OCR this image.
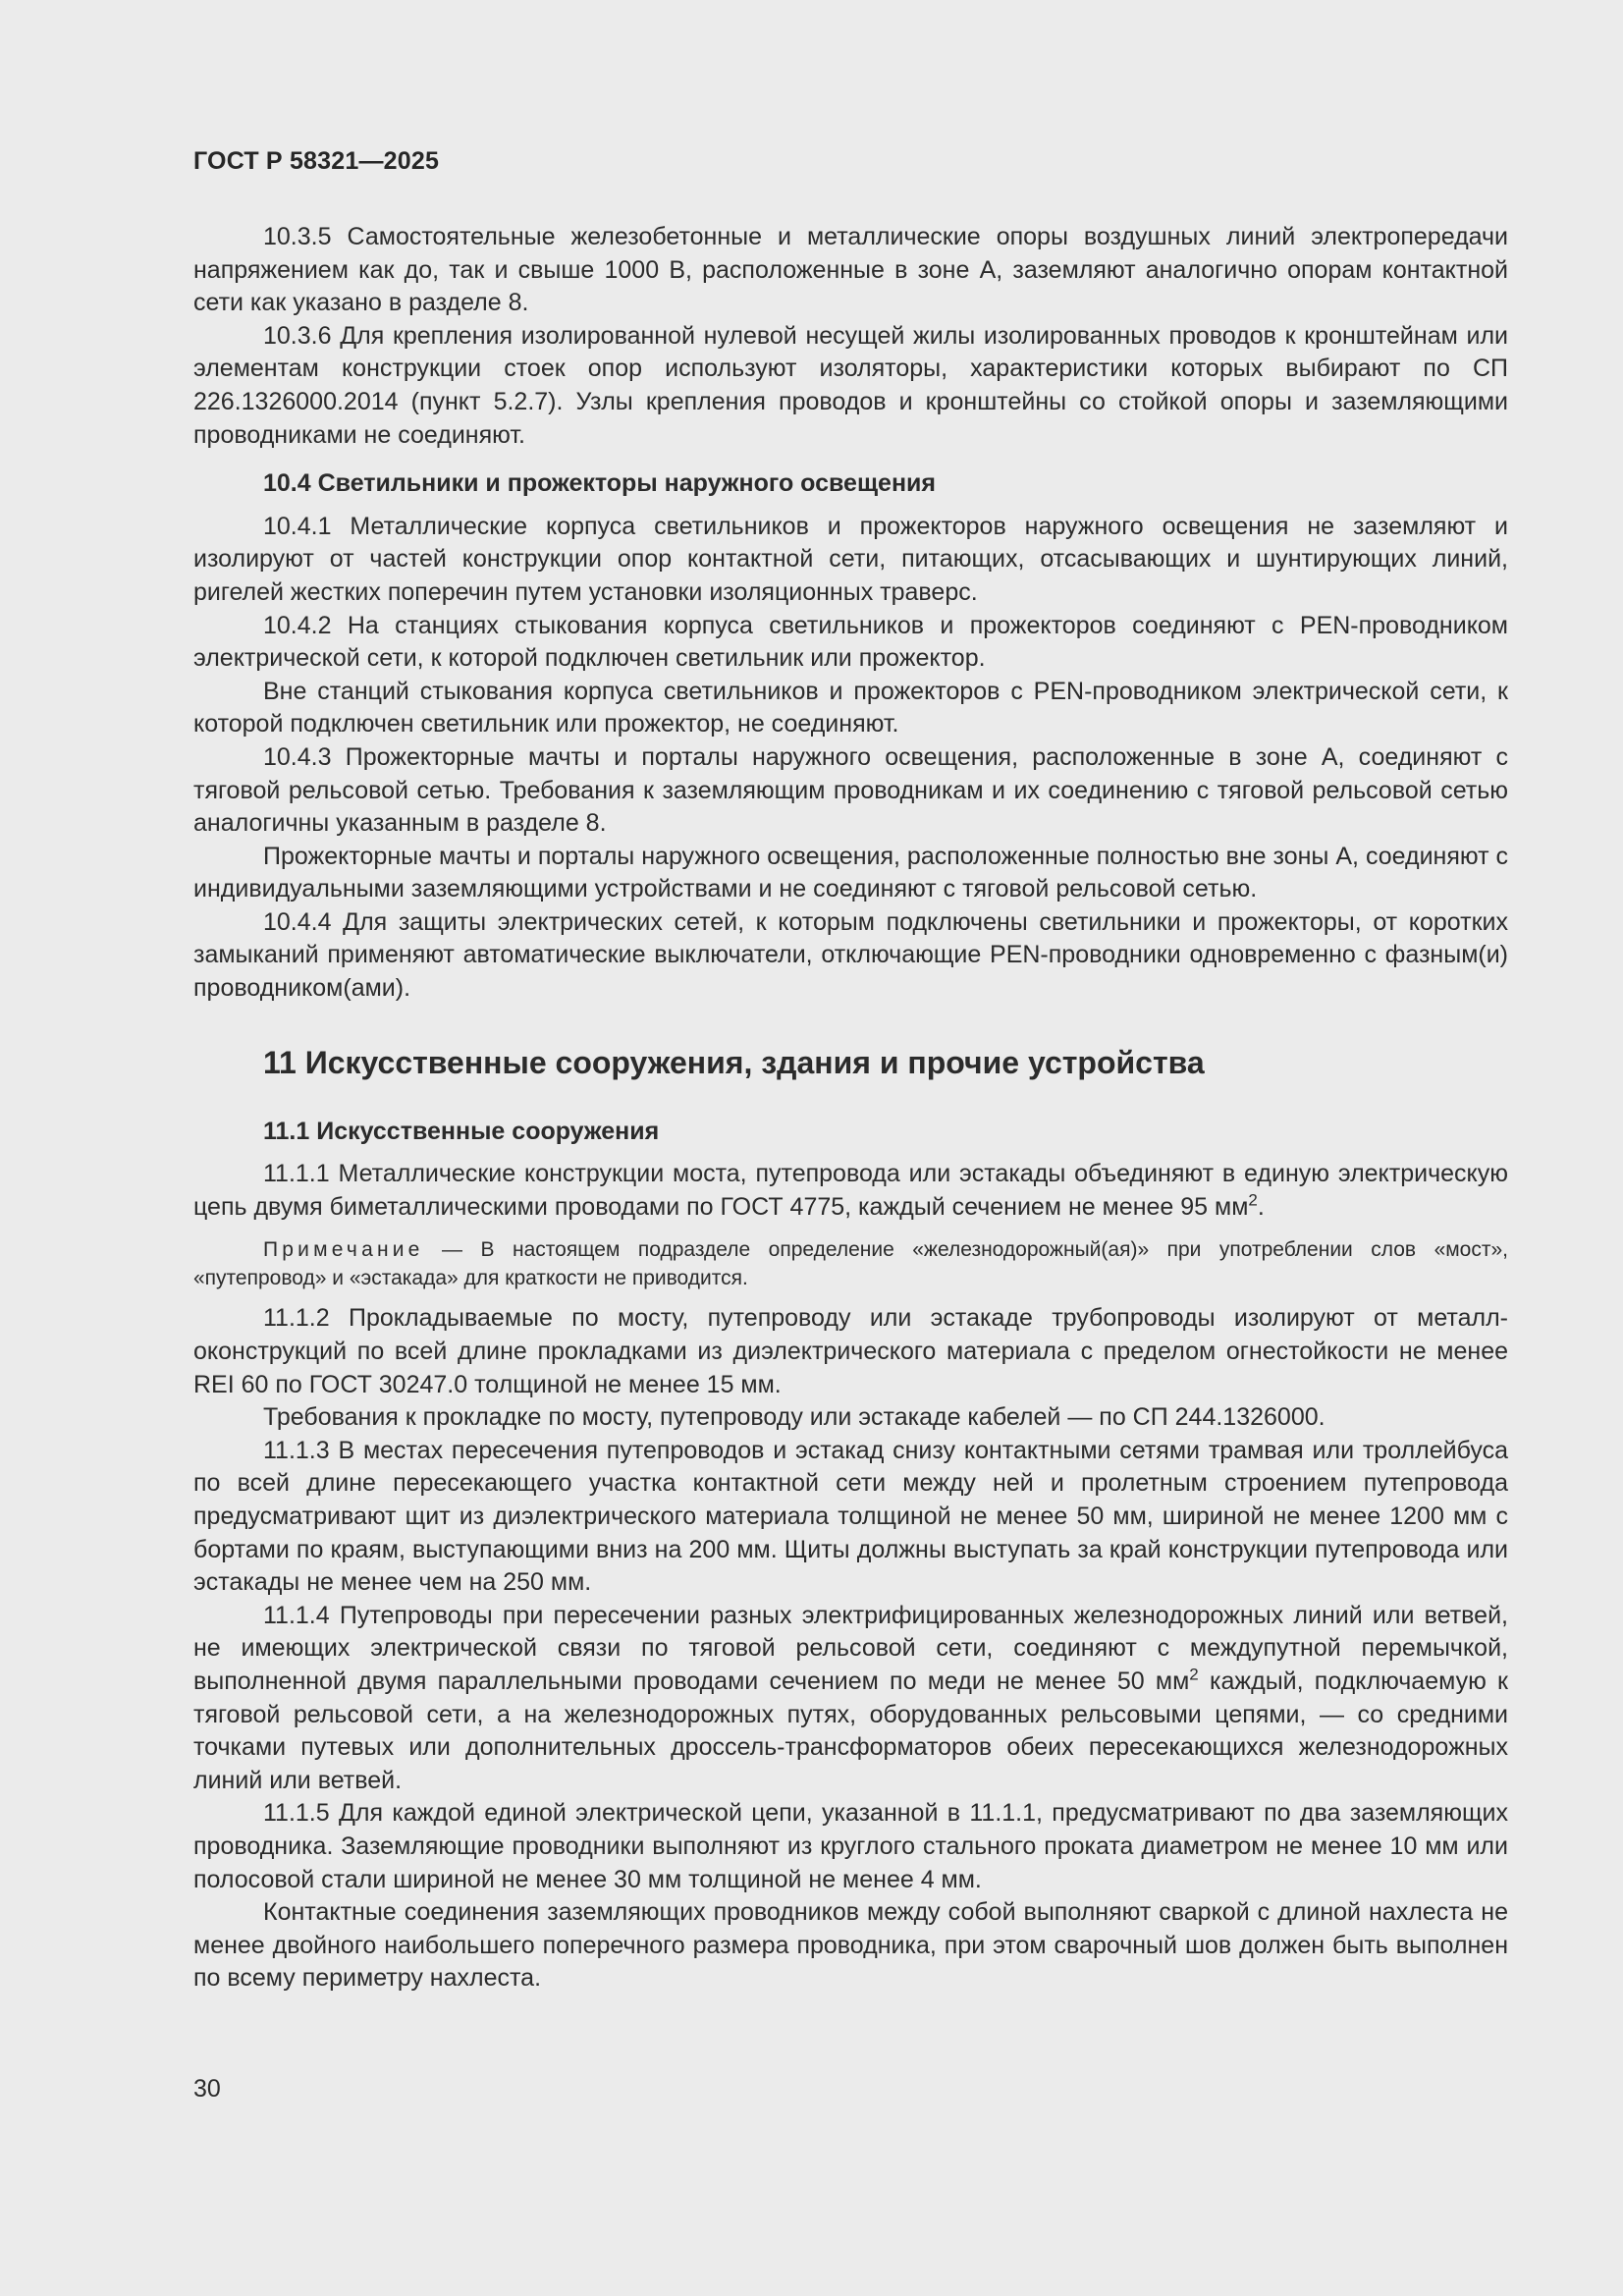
ГОСТ Р 58321—2025

10.3.5 Самостоятельные железобетонные и металлические опоры воздушных линий электропередачи напряжением как до, так и свыше 1000 В, расположенные в зоне А, заземляют аналогично опорам контактной сети как указано в разделе 8.

10.3.6 Для крепления изолированной нулевой несущей жилы изолированных проводов к кронштейнам или элементам конструкции стоек опор используют изоляторы, характеристики которых выбирают по СП 226.1326000.2014 (пункт 5.2.7). Узлы крепления проводов и кронштейны со стойкой опоры и заземляющими проводниками не соединяют.

10.4 Светильники и прожекторы наружного освещения

10.4.1 Металлические корпуса светильников и прожекторов наружного освещения не заземляют и изолируют от частей конструкции опор контактной сети, питающих, отсасывающих и шунтирующих линий, ригелей жестких поперечин путем установки изоляционных траверс.

10.4.2 На станциях стыкования корпуса светильников и прожекторов соединяют с PEN-проводником электрической сети, к которой подключен светильник или прожектор.

Вне станций стыкования корпуса светильников и прожекторов с PEN-проводником электрической сети, к которой подключен светильник или прожектор, не соединяют.

10.4.3 Прожекторные мачты и порталы наружного освещения, расположенные в зоне А, соединяют с тяговой рельсовой сетью. Требования к заземляющим проводникам и их соединению с тяговой рельсовой сетью аналогичны указанным в разделе 8.

Прожекторные мачты и порталы наружного освещения, расположенные полностью вне зоны А, соединяют с индивидуальными заземляющими устройствами и не соединяют с тяговой рельсовой сетью.

10.4.4 Для защиты электрических сетей, к которым подключены светильники и прожекторы, от коротких замыканий применяют автоматические выключатели, отключающие PEN-проводники одновременно с фазным(и) проводником(ами).

11 Искусственные сооружения, здания и прочие устройства
11.1 Искусственные сооружения

11.1.1 Металлические конструкции моста, путепровода или эстакады объединяют в единую электрическую цепь двумя биметаллическими проводами по ГОСТ 4775, каждый сечением не менее 95 $мм^2$.

Примечание — В настоящем подразделе определение «железнодорожный(ая)» при употреблении слов «мост», «путепровод» и «эстакада» для краткости не приводится.

11.1.2 Прокладываемые по мосту, путепроводу или эстакаде трубопроводы изолируют от металлоконструкций по всей длине прокладками из диэлектрического материала с пределом огнестойкости не менее REI 60 по ГОСТ 30247.0 толщиной не менее 15 мм.

Требования к прокладке по мосту, путепроводу или эстакаде кабелей — по СП 244.1326000.

11.1.3 В местах пересечения путепроводов и эстакад снизу контактными сетями трамвая или троллейбуса по всей длине пересекающего участка контактной сети между ней и пролетным строением путепровода предусматривают щит из диэлектрического материала толщиной не менее 50 мм, шириной не менее 1200 мм с бортами по краям, выступающими вниз на 200 мм. Щиты должны выступать за край конструкции путепровода или эстакады не менее чем на 250 мм.

11.1.4 Путепроводы при пересечении разных электрифицированных железнодорожных линий или ветвей, не имеющих электрической связи по тяговой рельсовой сети, соединяют с междупутной перемычкой, выполненной двумя параллельными проводами сечением по меди не менее 50 $мм^2$ каждый, подключаемую к тяговой рельсовой сети, а на железнодорожных путях, оборудованных рельсовыми цепями, — со средними точками путевых или дополнительных дроссель-трансформаторов обеих пересекающихся железнодорожных линий или ветвей.

11.1.5 Для каждой единой электрической цепи, указанной в 11.1.1, предусматривают по два заземляющих проводника. Заземляющие проводники выполняют из круглого стального проката диаметром не менее 10 мм или полосовой стали шириной не менее 30 мм толщиной не менее 4 мм.

Контактные соединения заземляющих проводников между собой выполняют сваркой с длиной нахлеста не менее двойного наибольшего поперечного размера проводника, при этом сварочный шов должен быть выполнен по всему периметру нахлеста.

30
